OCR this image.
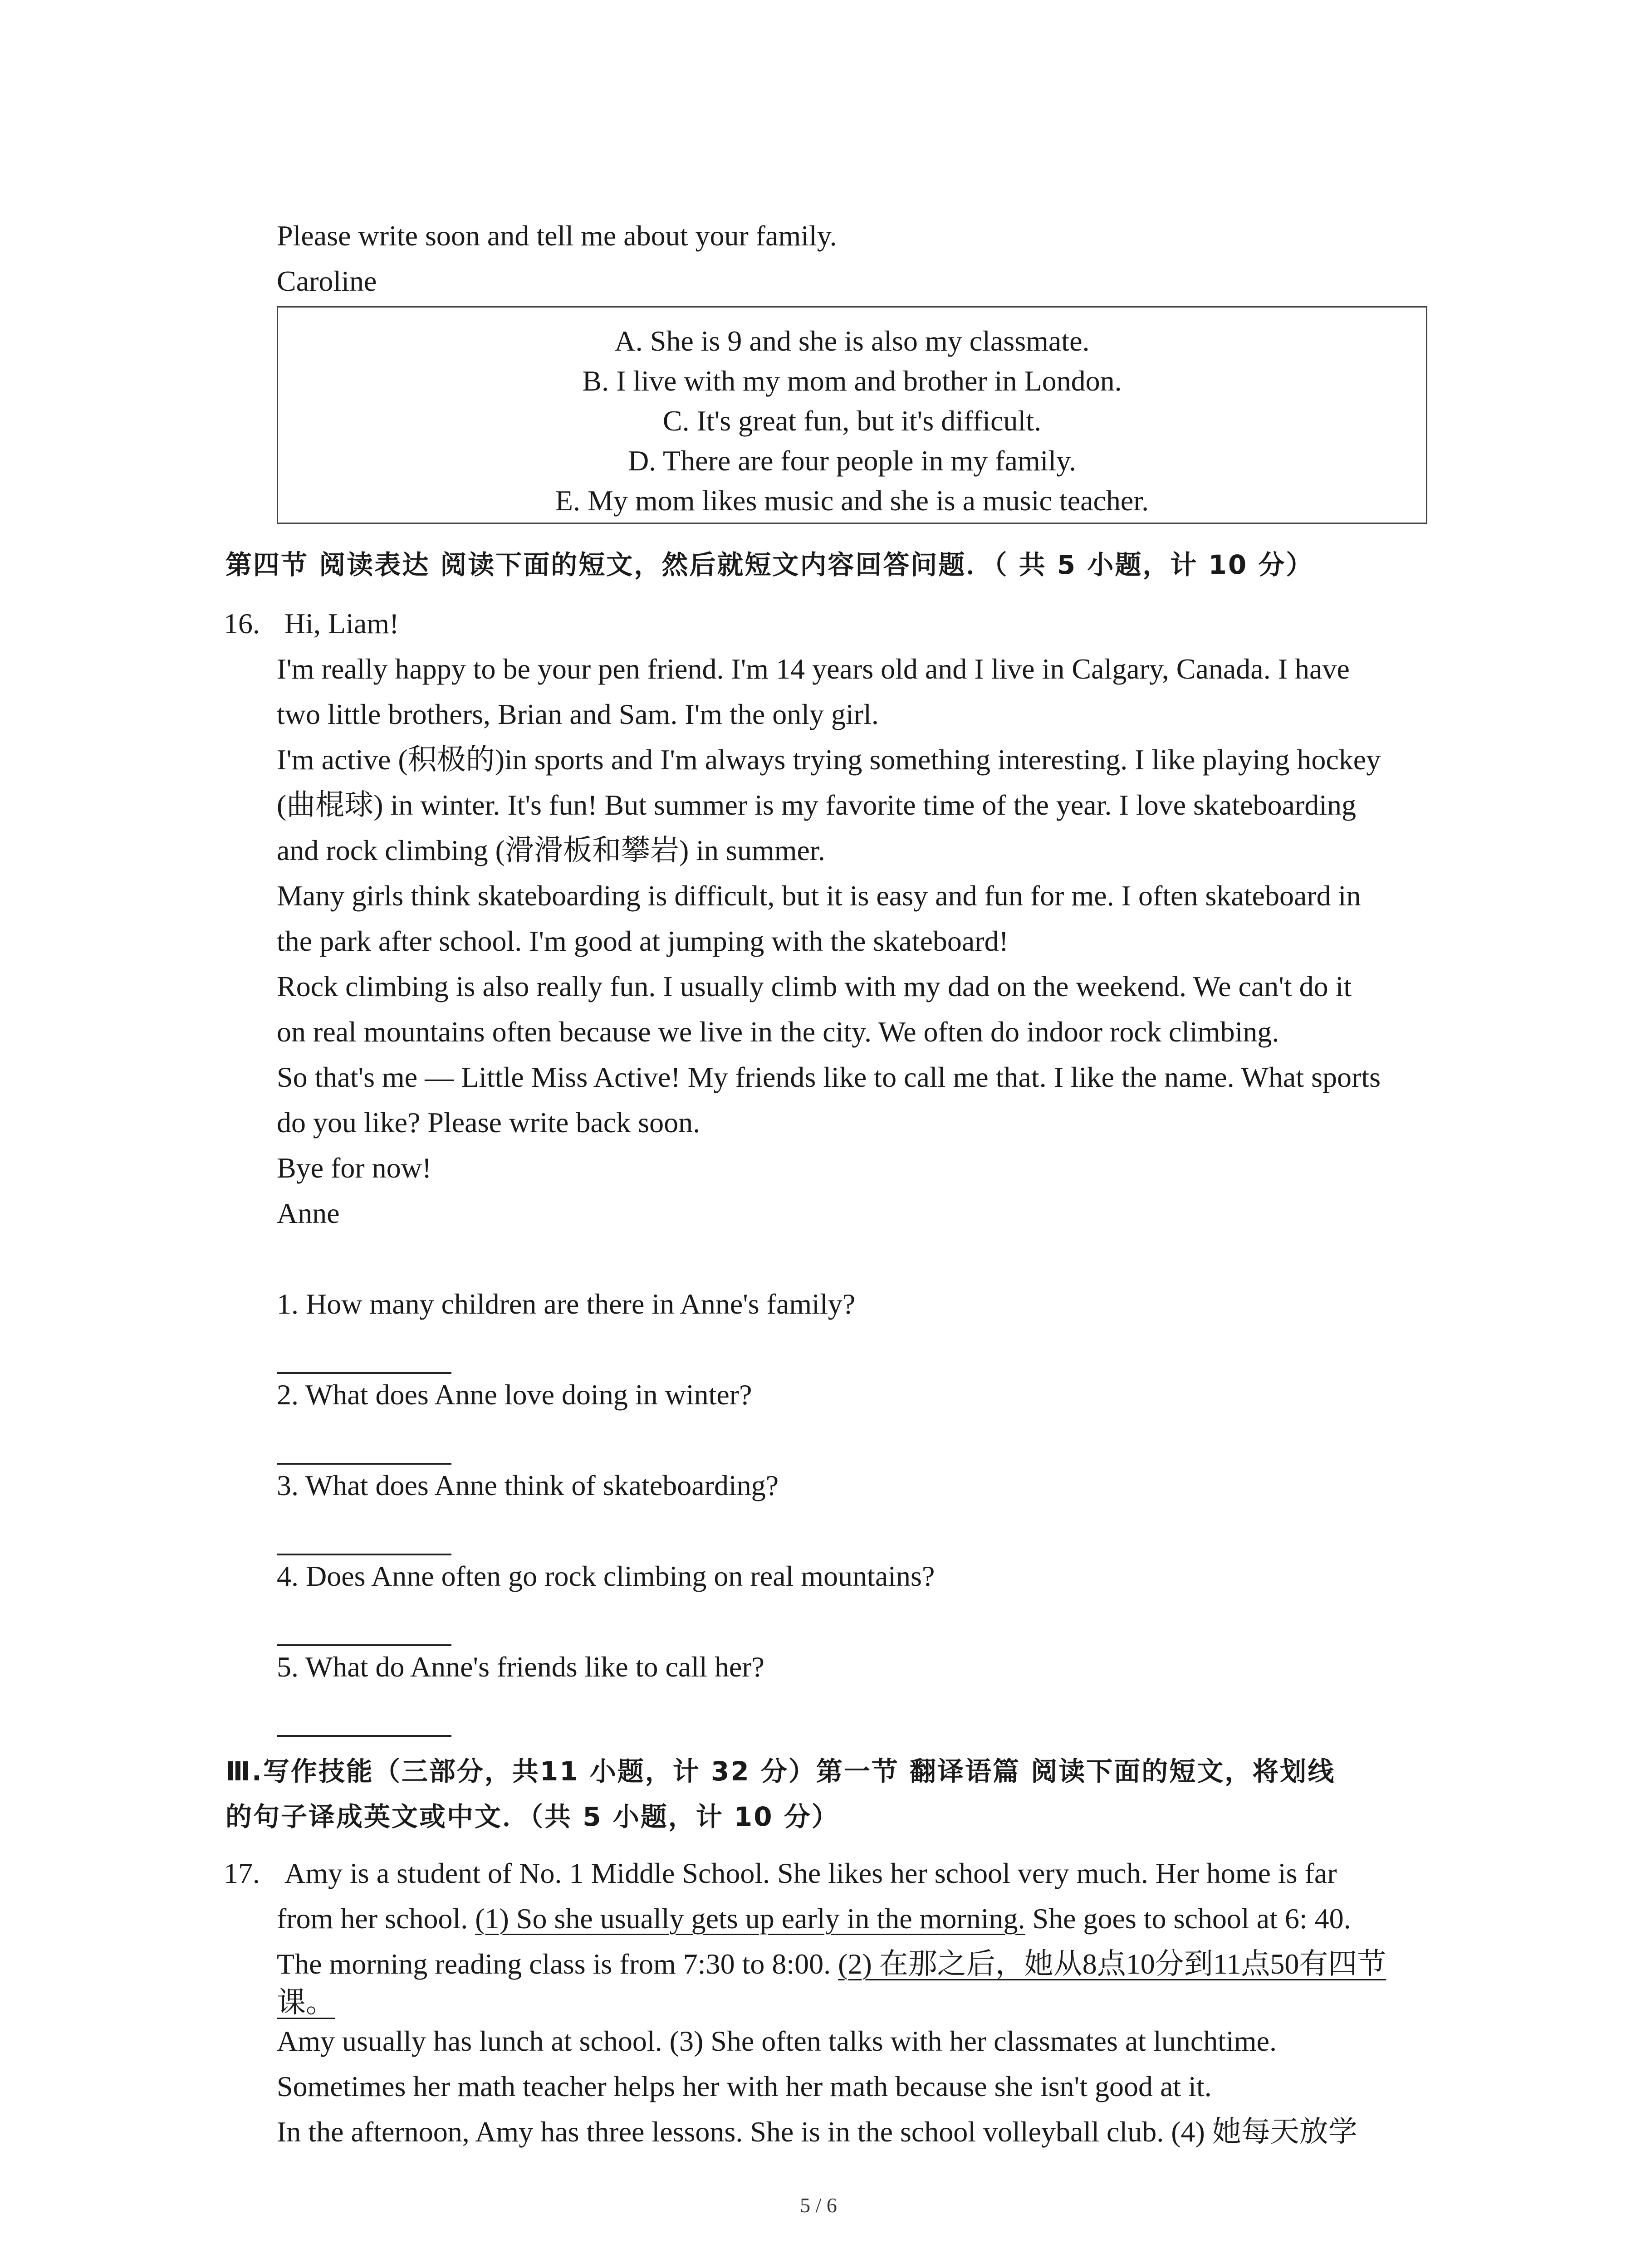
Please write soon and tell me about your family.
Caroline
A. She is 9 and she is also my classmate.
B. I live with my mom and brother in London.
C. It's great fun, but it's difficult.
D. There are four people in my family.
E. My mom likes music and she is a music teacher.
第四节 阅读表达 阅读下面的短文，然后就短文内容回答问题．（ 共 5 小题，计 10 分）
16. Hi, Liam!
I'm really happy to be your pen friend. I'm 14 years old and I live in Calgary, Canada. I have
two little brothers, Brian and Sam. I'm the only girl.
I'm active (积极的)in sports and I'm always trying something interesting. I like playing hockey
(曲棍球) in winter. It's fun! But summer is my favorite time of the year. I love skateboarding
and rock climbing (滑滑板和攀岩) in summer.
Many girls think skateboarding is difficult, but it is easy and fun for me. I often skateboard in
the park after school. I'm good at jumping with the skateboard!
Rock climbing is also really fun. I usually climb with my dad on the weekend. We can't do it
on real mountains often because we live in the city. We often do indoor rock climbing.
So that's me — Little Miss Active! My friends like to call me that. I like the name. What sports
do you like? Please write back soon.
Bye for now!
Anne
1. How many children are there in Anne's family?
2. What does Anne love doing in winter?
3. What does Anne think of skateboarding?
4. Does Anne often go rock climbing on real mountains?
5. What do Anne's friends like to call her?
Ⅲ.写作技能（三部分，共11 小题，计 32 分）第一节 翻译语篇 阅读下面的短文，将划线
的句子译成英文或中文．（共 5 小题，计 10 分）
17. Amy is a student of No. 1 Middle School. She likes her school very much. Her home is far
from her school. (1) So she usually gets up early in the morning. She goes to school at 6: 40.
The morning reading class is from 7:30 to 8:00. (2) 在那之后，她从8点10分到11点50有四节
课。
Amy usually has lunch at school. (3) She often talks with her classmates at lunchtime.
Sometimes her math teacher helps her with her math because she isn't good at it.
In the afternoon, Amy has three lessons. She is in the school volleyball club. (4) 她每天放学
5 / 6
